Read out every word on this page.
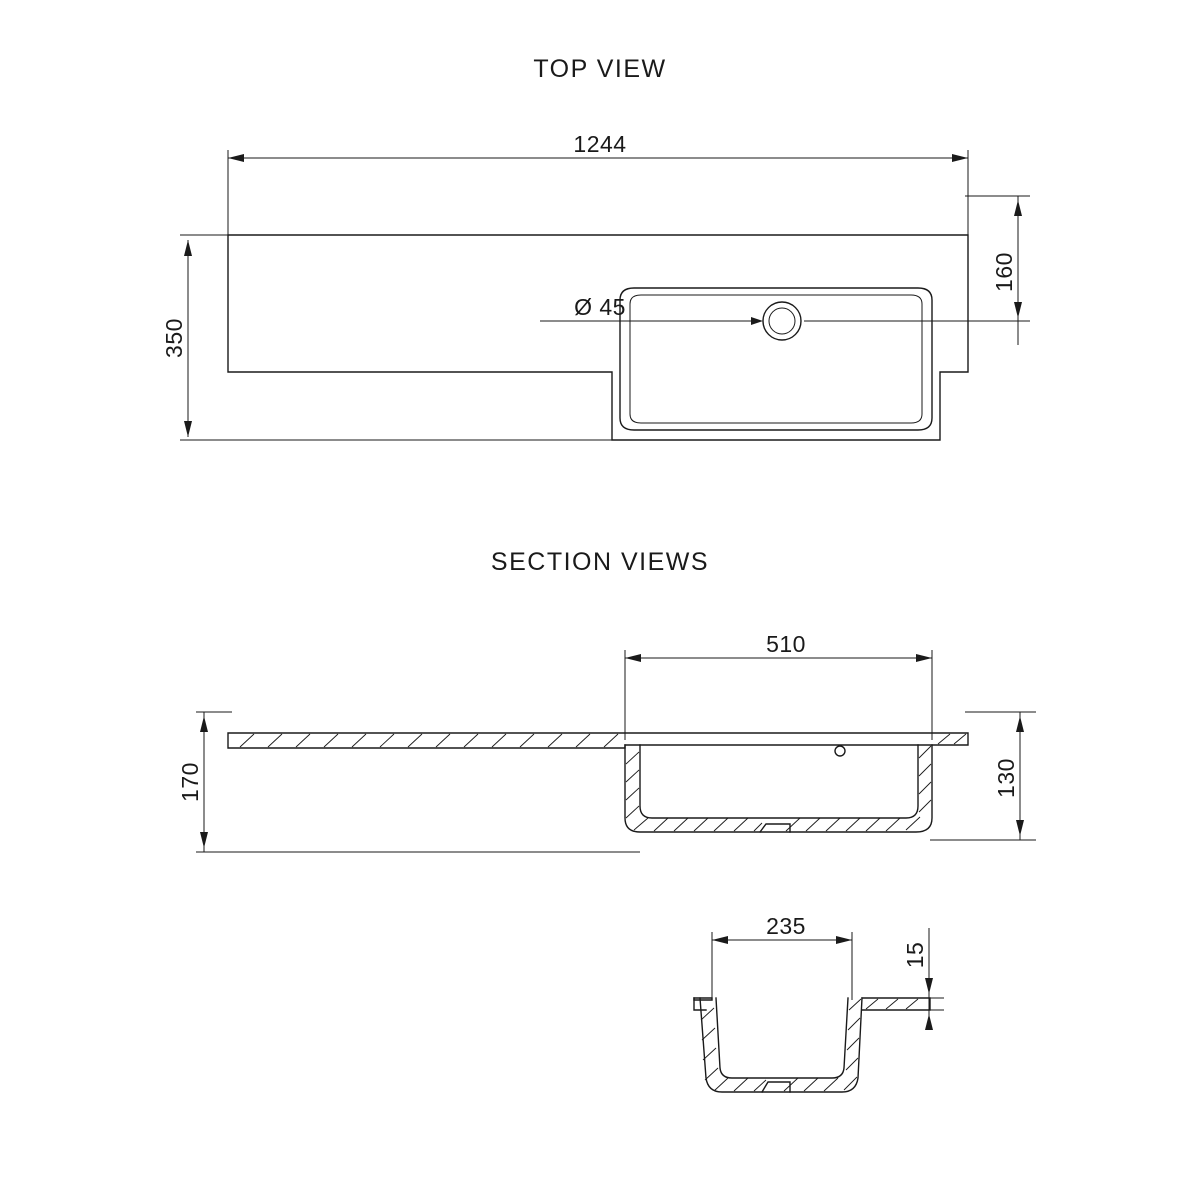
TOP VIEW
Ø 45
1244
350
160
SECTION VIEWS
510
170	130
235
15
